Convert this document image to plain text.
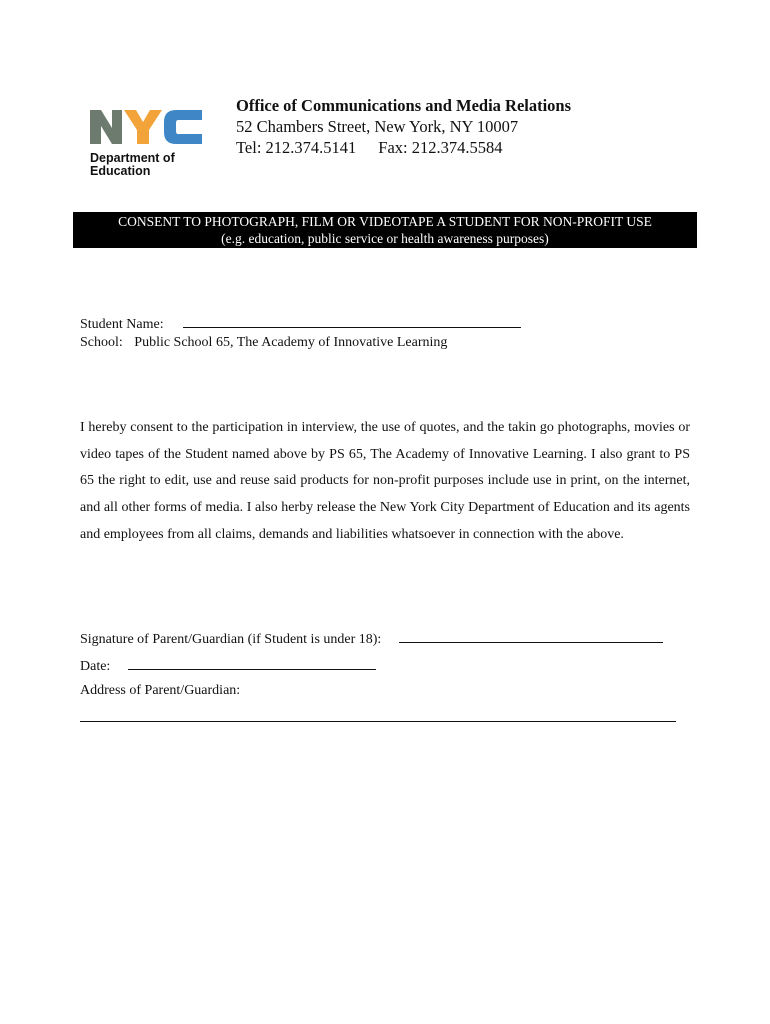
Department of
Education
Office of Communications and Media Relations
52 Chambers Street, New York, NY 10007
Tel: 212.374.5141 Fax: 212.374.5584
CONSENT TO PHOTOGRAPH, FILM OR VIDEOTAPE A STUDENT FOR NON-PROFIT USE
(e.g. education, public service or health awareness purposes)
Student Name:
School: Public School 65, The Academy of Innovative Learning
I hereby consent to the participation in interview, the use of quotes, and the takin go photographs, movies or video tapes of the Student named above by PS 65, The Academy of Innovative Learning. I also grant to PS 65 the right to edit, use and reuse said products for non-profit purposes include use in print, on the internet, and all other forms of media. I also herby release the New York City Department of Education and its agents and employees from all claims, demands and liabilities whatsoever in connection with the above.
Signature of Parent/Guardian (if Student is under 18):
Date:
Address of Parent/Guardian:
